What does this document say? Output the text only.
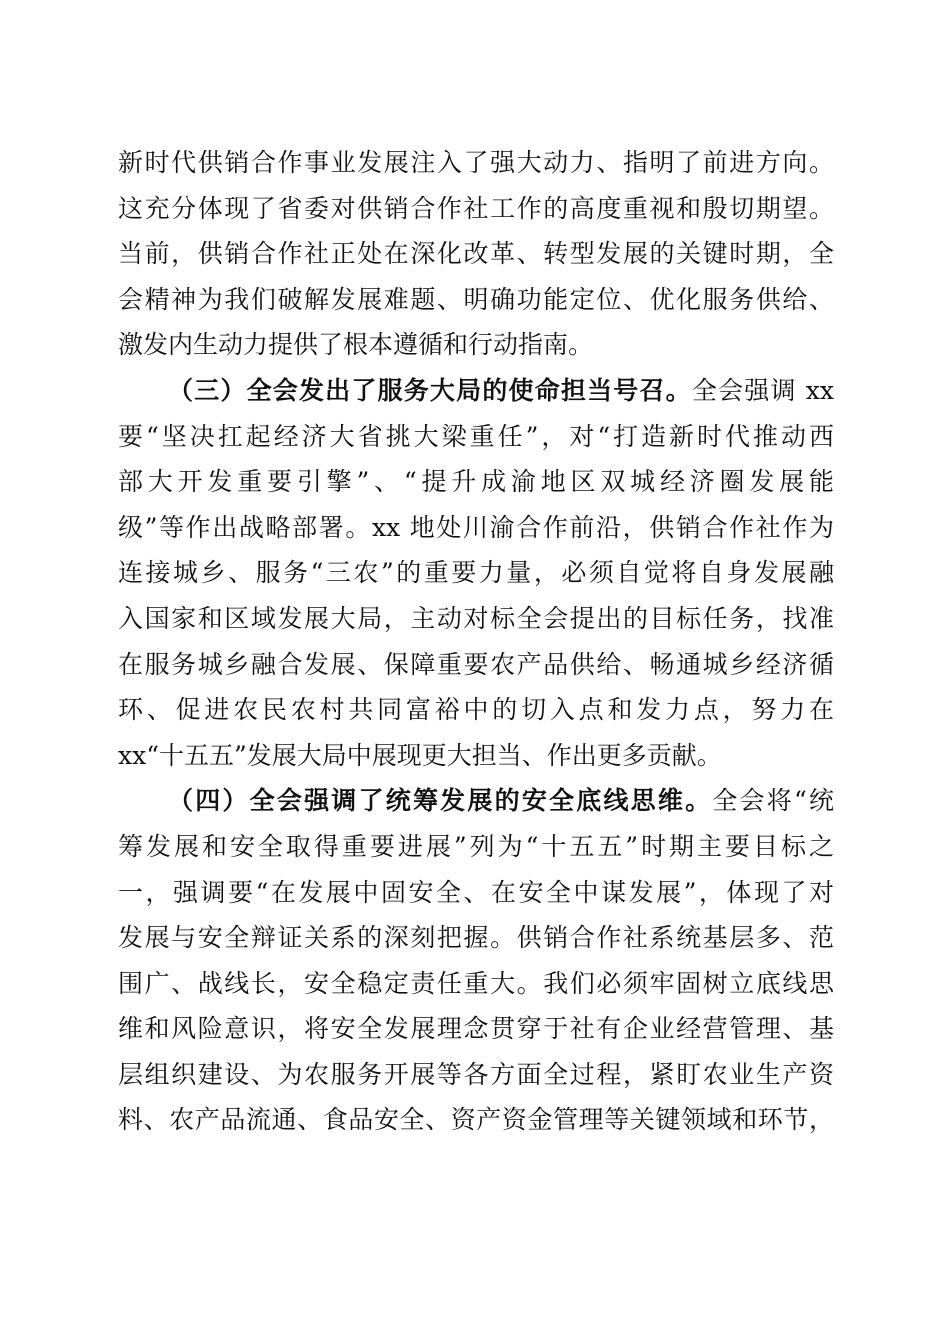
新时代供销合作事业发展注入了强大动力、指明了前进方向。
这充分体现了省委对供销合作社工作的高度重视和殷切期望。
当前，供销合作社正处在深化改革、转型发展的关键时期，全
会精神为我们破解发展难题、明确功能定位、优化服务供给、
激发内生动力提供了根本遵循和行动指南。
（三）全会发出了服务大局的使命担当号召。全会强调 xx
要“坚决扛起经济大省挑大梁重任”，对“打造新时代推动西
部大开发重要引擎”、“提升成渝地区双城经济圈发展能
级”等作出战略部署。xx 地处川渝合作前沿，供销合作社作为
连接城乡、服务“三农”的重要力量，必须自觉将自身发展融
入国家和区域发展大局，主动对标全会提出的目标任务，找准
在服务城乡融合发展、保障重要农产品供给、畅通城乡经济循
环、促进农民农村共同富裕中的切入点和发力点，努力在
xx“十五五”发展大局中展现更大担当、作出更多贡献。
（四）全会强调了统筹发展的安全底线思维。全会将“统
筹发展和安全取得重要进展”列为“十五五”时期主要目标之
一，强调要“在发展中固安全、在安全中谋发展”，体现了对
发展与安全辩证关系的深刻把握。供销合作社系统基层多、范
围广、战线长，安全稳定责任重大。我们必须牢固树立底线思
维和风险意识，将安全发展理念贯穿于社有企业经营管理、基
层组织建设、为农服务开展等各方面全过程，紧盯农业生产资
料、农产品流通、食品安全、资产资金管理等关键领域和环节，
